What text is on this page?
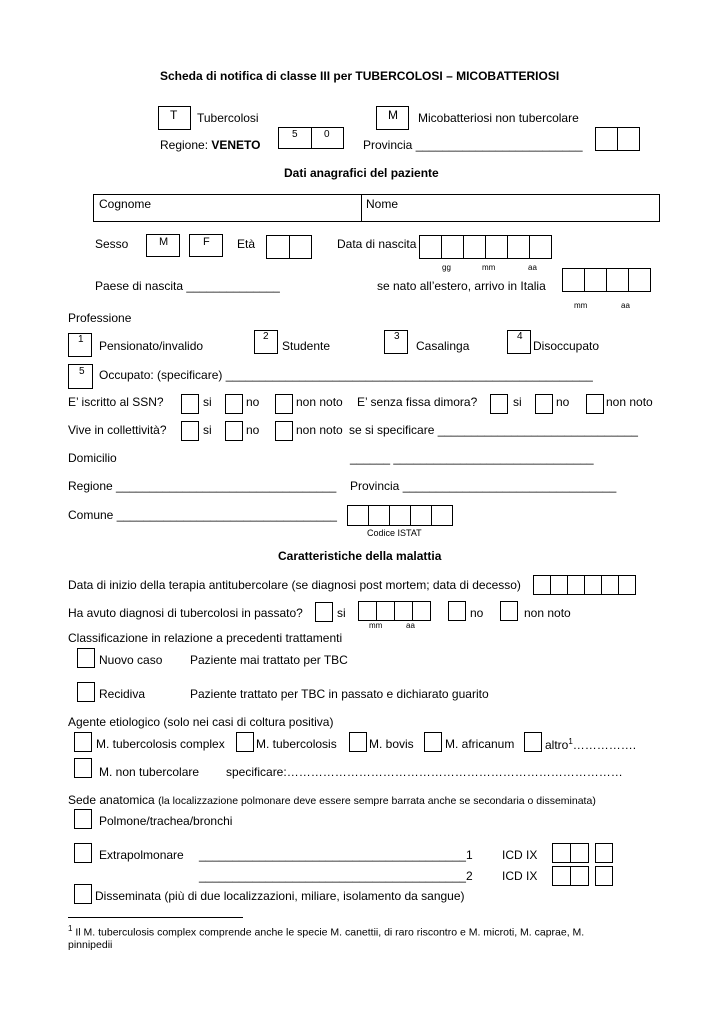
Scheda di notifica di classe III per TUBERCOLOSI – MICOBATTERIOSI
T Tubercolosi	M Micobatteriosi non tubercolare
5	0
Regione: VENETO	Provincia _________________________
Dati anagrafici del paziente
Cognome	Nome
Sesso	M	F Età	Data di nascita
gg	mm	aa
Paese di nascita ______________	se nato all’estero, arrivo in Italia
mm	aa
Professione
1 Pensionato/invalido
2
Studente
3
Casalinga
4
Disoccupato
5 Occupato: (specificare) _______________________________________________________
E’ iscritto al SSN?	si	no	non noto E’ senza fissa dimora?	si	no	non noto
Vive in collettività?	si	no	non noto se si specificare ______________________________
Domicilio	______ ______________________________
Regione _________________________________ Provincia ________________________________
Comune _________________________________
Codice ISTAT
Caratteristiche della malattia
Data di inizio della terapia antitubercolare (se diagnosi post mortem; data di decesso)
Ha avuto diagnosi di tubercolosi in passato?	si
mm	aa
no	non noto
Classificazione in relazione a precedenti trattamenti
Nuovo caso Paziente mai trattato per TBC
Recidiva	Paziente trattato per TBC in passato e dichiarato guarito
Agente etiologico (solo nei casi di coltura positiva)
M. tubercolosis complex	M. tubercolosis	M. bovis	M. africanum	altro$^1$…………….
M. non tubercolare specificare:…………………………………………………………………………
Sede anatomica (la localizzazione polmonare deve essere sempre barrata anche se secondaria o disseminata)
Polmone/trachea/bronchi
Extrapolmonare ________________________________________1 ICD IX
________________________________________2 ICD IX
Disseminata (più di due localizzazioni, miliare, isolamento da sangue)
$^1$ Il M. tuberculosis complex comprende anche le specie M. canettii, di raro riscontro e M. microti, M. caprae, M.
pinnipedii
